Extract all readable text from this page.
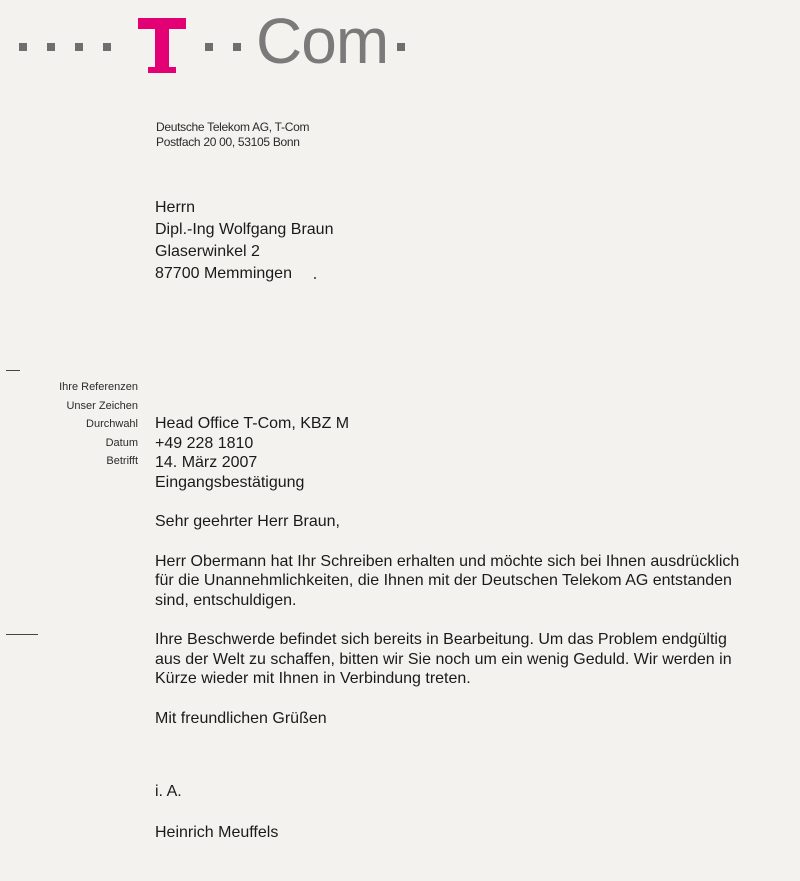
Com
Deutsche Telekom AG, T-Com
Postfach 20 00, 53105 Bonn
Herrn
Dipl.-Ing Wolfgang Braun
Glaserwinkel 2
87700 Memmingen
Ihre Referenzen
Unser Zeichen
Durchwahl
Datum
Betrifft
Head Office T-Com, KBZ M
+49 228 1810
14. März 2007
Eingangsbestätigung

Sehr geehrter Herr Braun,

Herr Obermann hat Ihr Schreiben erhalten und möchte sich bei Ihnen ausdrücklich
für die Unannehmlichkeiten, die Ihnen mit der Deutschen Telekom AG entstanden
sind, entschuldigen.

Ihre Beschwerde befindet sich bereits in Bearbeitung. Um das Problem endgültig
aus der Welt zu schaffen, bitten wir Sie noch um ein wenig Geduld. Wir werden in
Kürze wieder mit Ihnen in Verbindung treten.

Mit freundlichen Grüßen

i. A.
Heinrich Meuffels
